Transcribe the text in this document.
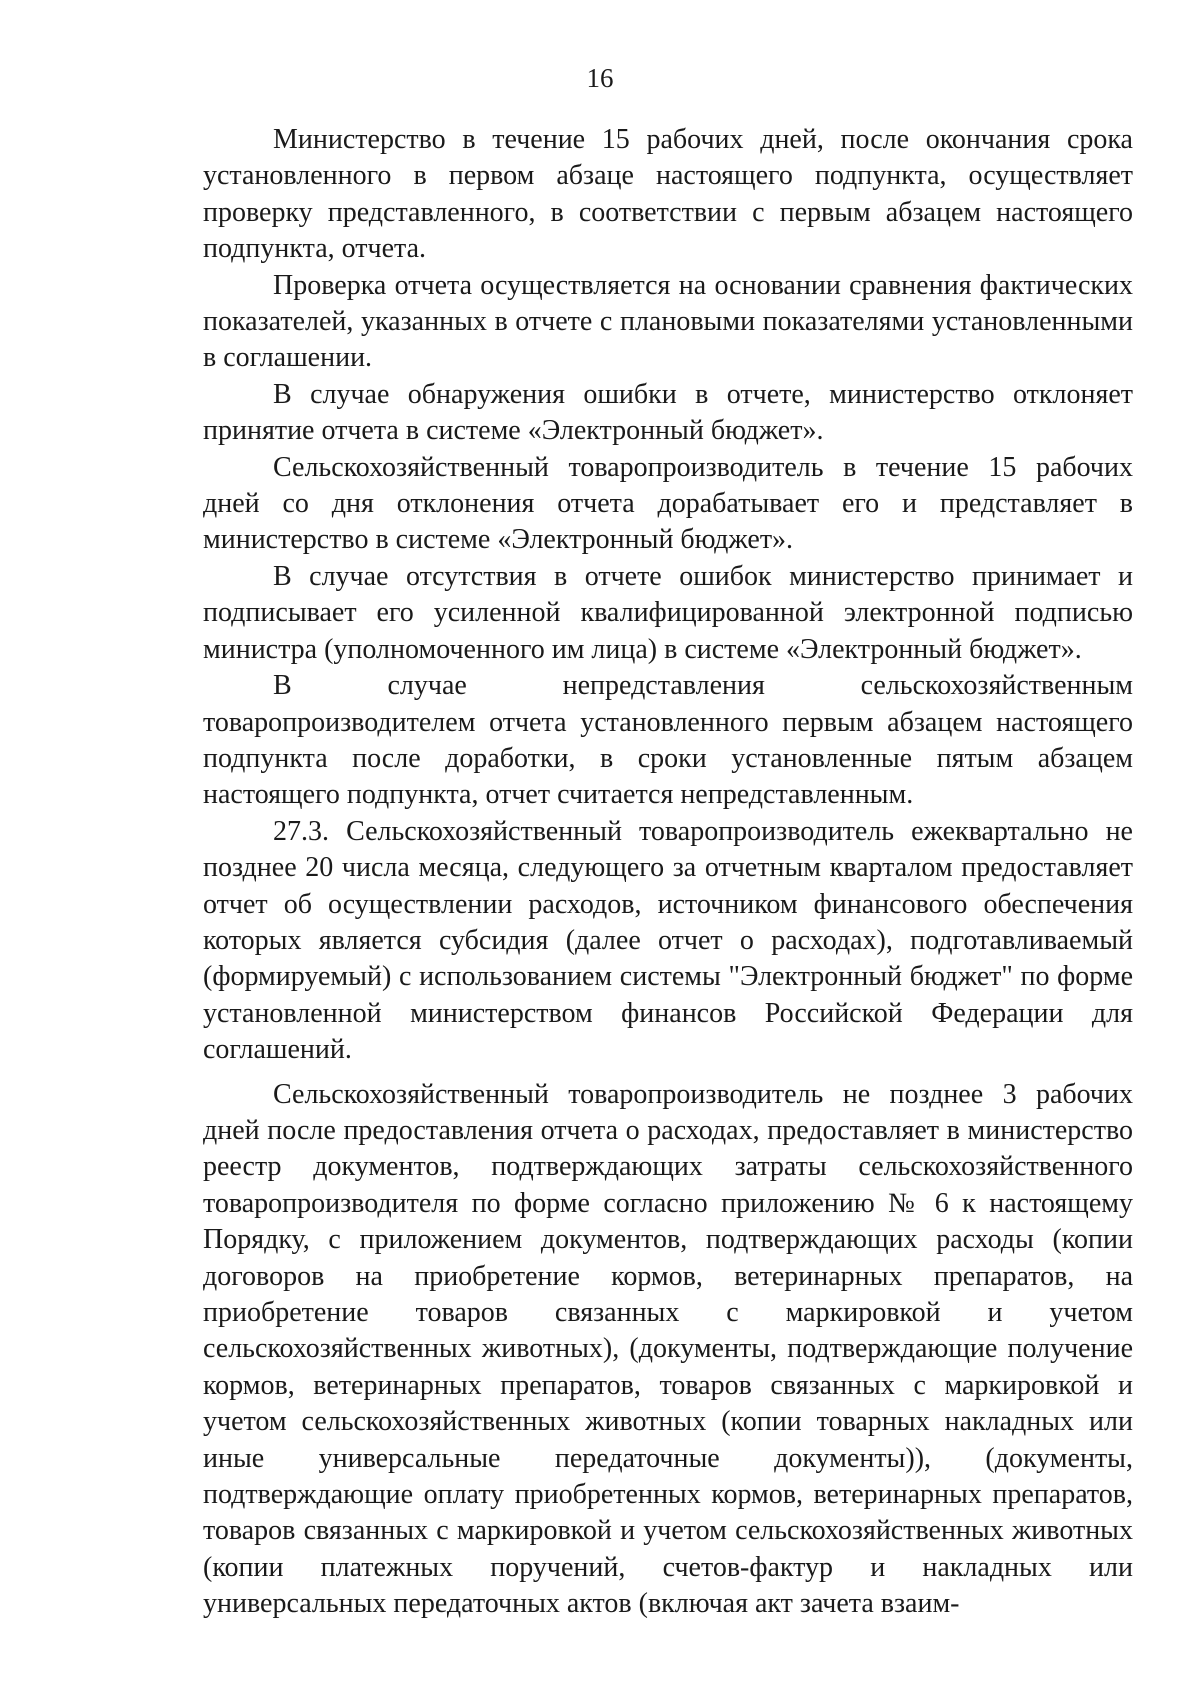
16

Министерство в течение 15 рабочих дней, после окончания срока установленного в первом абзаце настоящего подпункта, осуществляет проверку представленного, в соответствии с первым абзацем настоящего подпункта, отчета.

Проверка отчета осуществляется на основании сравнения фактических показателей, указанных в отчете с плановыми показателями установленными в соглашении.

В случае обнаружения ошибки в отчете, министерство отклоняет принятие отчета в системе «Электронный бюджет».

Сельскохозяйственный товаропроизводитель в течение 15 рабочих дней со дня отклонения отчета дорабатывает его и представляет в министерство в системе «Электронный бюджет».

В случае отсутствия в отчете ошибок министерство принимает и подписывает его усиленной квалифицированной электронной подписью министра (уполномоченного им лица) в системе «Электронный бюджет».

В случае непредставления сельскохозяйственным товаропроизводителем отчета установленного первым абзацем настоящего подпункта после доработки, в сроки установленные пятым абзацем настоящего подпункта, отчет считается непредставленным.

27.3. Сельскохозяйственный товаропроизводитель ежеквартально не позднее 20 числа месяца, следующего за отчетным кварталом предоставляет отчет об осуществлении расходов, источником финансового обеспечения которых является субсидия (далее отчет о расходах), подготавливаемый (формируемый) с использованием системы "Электронный бюджет" по форме установленной министерством финансов Российской Федерации для соглашений.

Сельскохозяйственный товаропроизводитель не позднее 3 рабочих дней после предоставления отчета о расходах, предоставляет в министерство реестр документов, подтверждающих затраты сельскохозяйственного товаропроизводителя по форме согласно приложению № 6 к настоящему Порядку, с приложением документов, подтверждающих расходы (копии договоров на приобретение кормов, ветеринарных препаратов, на приобретение товаров связанных с маркировкой и учетом сельскохозяйственных животных), (документы, подтверждающие получение кормов, ветеринарных препаратов, товаров связанных с маркировкой и учетом сельскохозяйственных животных (копии товарных накладных или иные универсальные передаточные документы)), (документы, подтверждающие оплату приобретенных кормов, ветеринарных препаратов, товаров связанных с маркировкой и учетом сельскохозяйственных животных (копии платежных поручений, счетов-фактур и накладных или универсальных передаточных актов (включая акт зачета взаим-
